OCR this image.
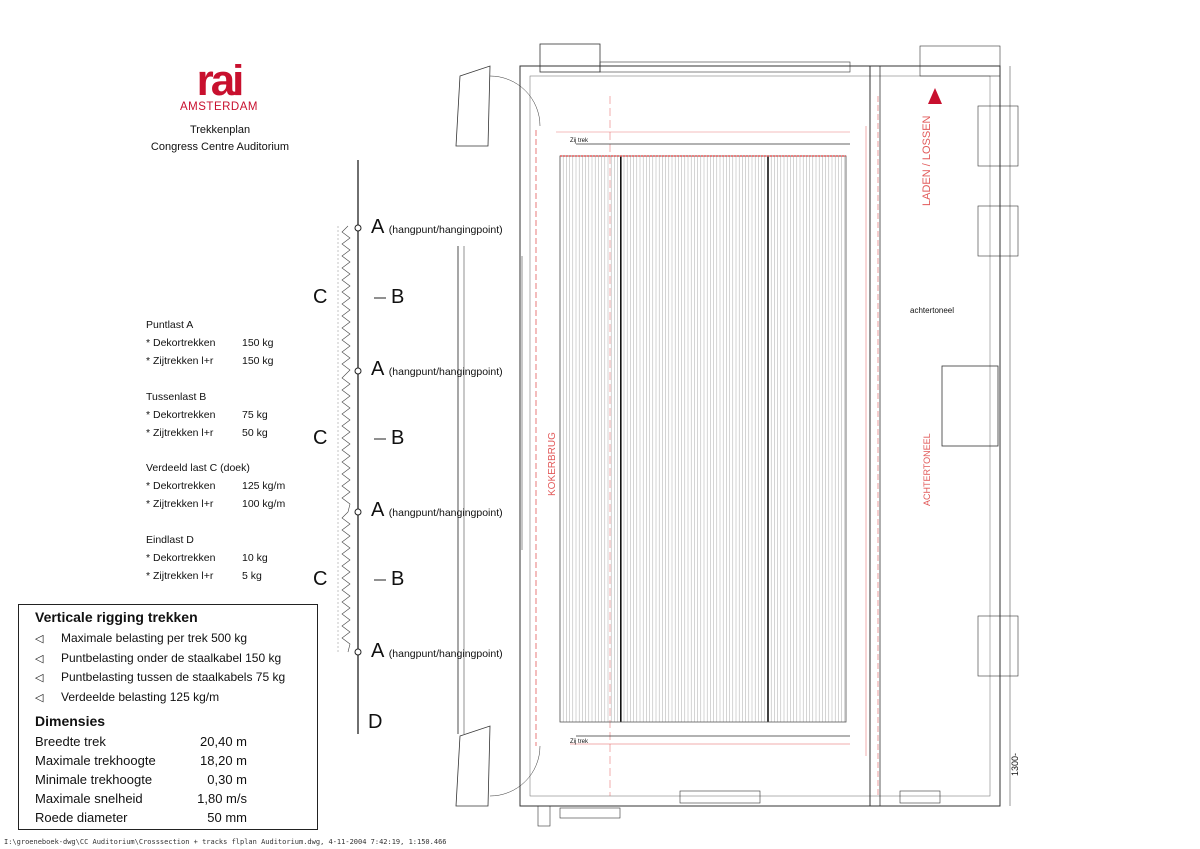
rai
AMSTERDAM
Trekkenplan
Congress Centre Auditorium
Puntlast A
* Dekortrekken	150 kg
* Zijtrekken l+r	150 kg
Tussenlast B
* Dekortrekken	75 kg
* Zijtrekken l+r	50 kg
Verdeeld last C (doek)
* Dekortrekken	125 kg/m
* Zijtrekken l+r	100 kg/m
Eindlast D
* Dekortrekken	10 kg
* Zijtrekken l+r	5 kg
A (hangpunt/hangingpoint)
A (hangpunt/hangingpoint)
A (hangpunt/hangingpoint)
A (hangpunt/hangingpoint)
B
B
B
C
C
C
D
achtertoneel
LADEN / LOSSEN
ACHTERTONEEL
KOKERBRUG
Zij trek
Zij trek
1300-
Verticale rigging trekken
◁ Maximale belasting per trek 500 kg
◁ Puntbelasting onder de staalkabel 150 kg
◁ Puntbelasting tussen de staalkabels 75 kg
◁ Verdeelde belasting 125 kg/m
Dimensies
Breedte trek	20,40 m
Maximale trekhoogte	18,20 m
Minimale trekhoogte	0,30 m
Maximale snelheid	1,80 m/s
Roede diameter	50 mm
I:\groeneboek-dwg\CC Auditorium\Crosssection + tracks flplan Auditorium.dwg, 4-11-2004 7:42:19, 1:150.466
